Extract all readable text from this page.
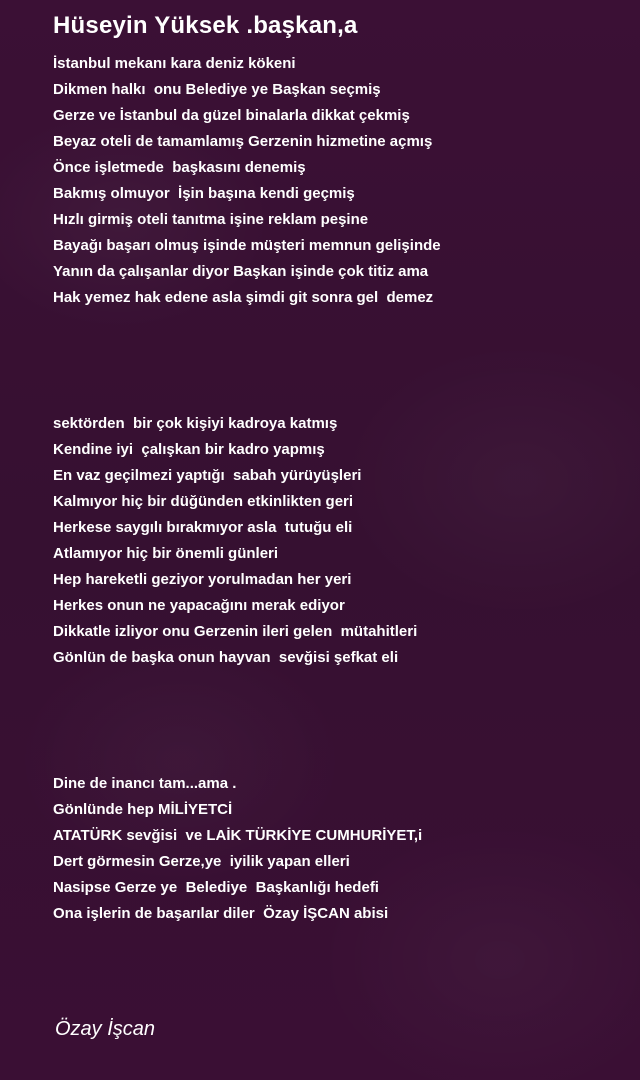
Hüseyin Yüksek .başkan,a
İstanbul mekanı kara deniz kökeni
Dikmen halkı  onu Belediye ye Başkan seçmiş
Gerze ve İstanbul da güzel binalarla dikkat çekmiş
Beyaz oteli de tamamlamış Gerzenin hizmetine açmış
Önce işletmede  başkasını denemiş
Bakmış olmuyor  İşin başına kendi geçmiş
Hızlı girmiş oteli tanıtma işine reklam peşine
Bayağı başarı olmuş işinde müşteri memnun gelişinde
Yanın da çalışanlar diyor Başkan işinde çok titiz ama
Hak yemez hak edene asla şimdi git sonra gel  demez
sektörden  bir çok kişiyi kadroya katmış
Kendine iyi  çalışkan bir kadro yapmış
En vaz geçilmezi yaptığı  sabah yürüyüşleri
Kalmıyor hiç bir düğünden etkinlikten geri
Herkese saygılı bırakmıyor asla  tutuğu eli
Atlamıyor hiç bir önemli günleri
Hep hareketli geziyor yorulmadan her yeri
Herkes onun ne yapacağını merak ediyor
Dikkatle izliyor onu Gerzenin ileri gelen  mütahitleri
Gönlün de başka onun hayvan  sevğisi şefkat eli
Dine de inancı tam...ama .
Gönlünde hep MİLİYETCİ
ATATÜRK sevğisi  ve LAİK TÜRKİYE CUMHURİYET,i
Dert görmesin Gerze,ye  iyilik yapan elleri
Nasipse Gerze ye  Belediye  Başkanlığı hedefi
Ona işlerin de başarılar diler  Özay İŞCAN abisi
Özay İşcan
